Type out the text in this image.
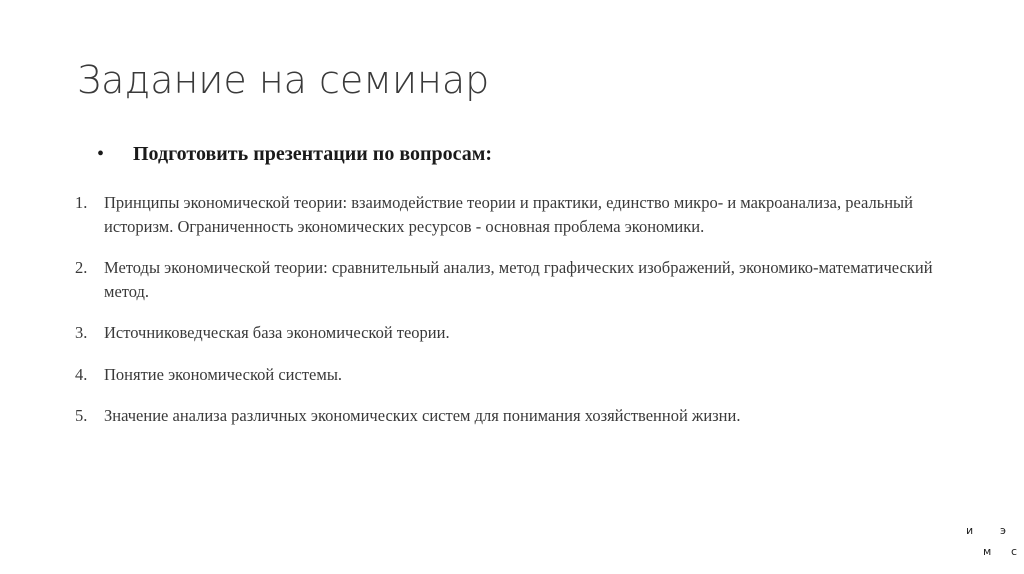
Задание на семинар
• Подготовить презентации по вопросам:
1.	Принципы экономической теории: взаимодействие теории и практики, единство микро- и макроанализа, реальный историзм. Ограниченность экономических ресурсов - основная проблема экономики.
2.	Методы экономической теории: сравнительный анализ, метод графических изображений, экономико-математический метод.
3.	Источниковедческая база экономической теории.
4.	Понятие экономической системы.
5.	Значение анализа различных экономических систем для понимания хозяйственной жизни.
и э
м с
